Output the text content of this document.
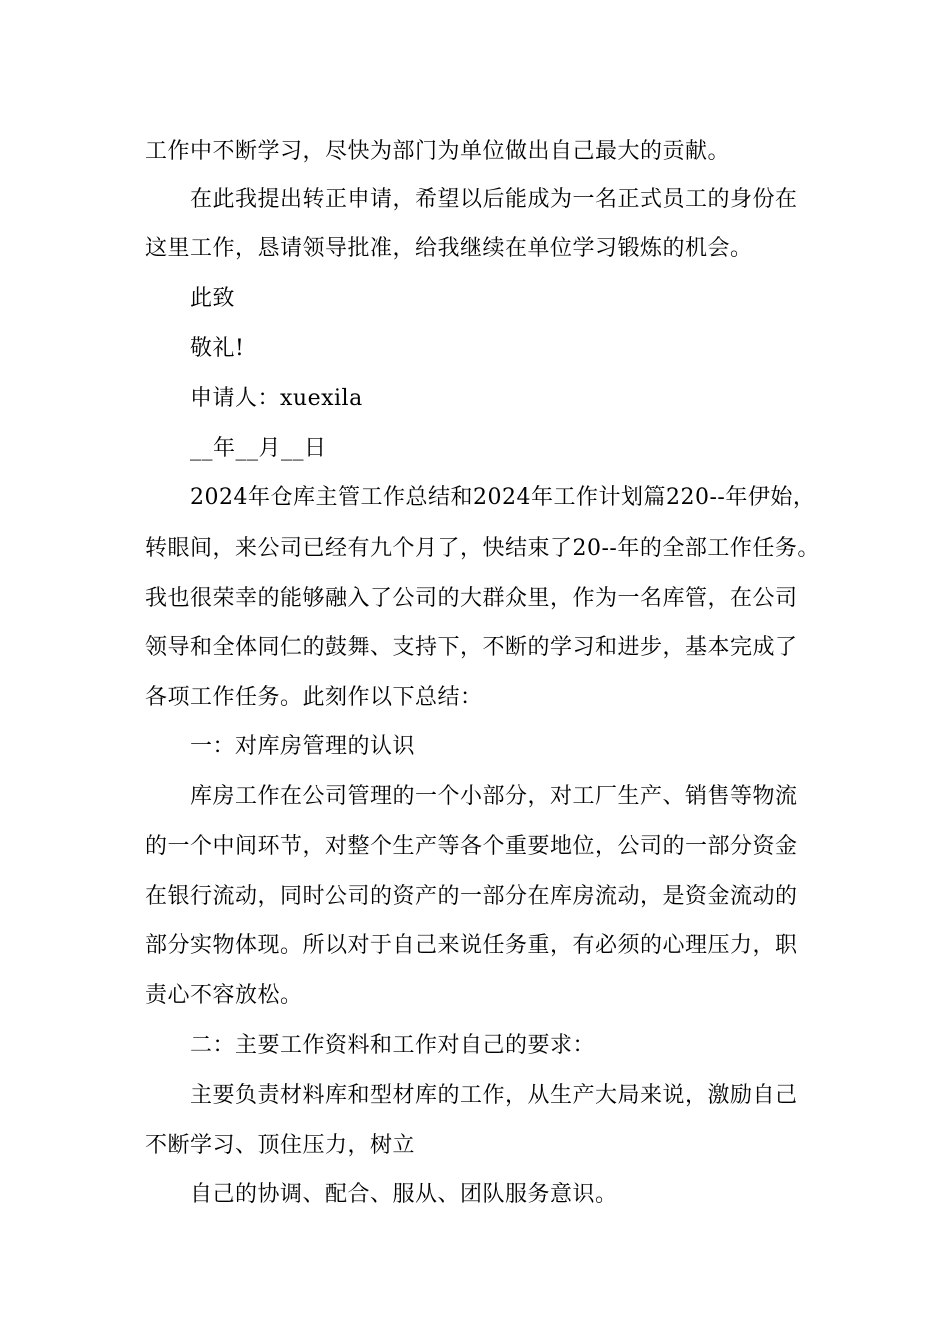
工作中不断学习，尽快为部门为单位做出自己最大的贡献。
在此我提出转正申请，希望以后能成为一名正式员工的身份在
这里工作，恳请领导批准，给我继续在单位学习锻炼的机会。
此致
敬礼!
申请人：xuexila
__年__月__日
2024年仓库主管工作总结和2024年工作计划篇220--年伊始，
转眼间，来公司已经有九个月了，快结束了20--年的全部工作任务。
我也很荣幸的能够融入了公司的大群众里，作为一名库管，在公司
领导和全体同仁的鼓舞、支持下，不断的学习和进步，基本完成了
各项工作任务。此刻作以下总结：
一：对库房管理的认识
库房工作在公司管理的一个小部分，对工厂生产、销售等物流
的一个中间环节，对整个生产等各个重要地位，公司的一部分资金
在银行流动，同时公司的资产的一部分在库房流动，是资金流动的
部分实物体现。所以对于自己来说任务重，有必须的心理压力，职
责心不容放松。
二：主要工作资料和工作对自己的要求：
主要负责材料库和型材库的工作，从生产大局来说，激励自己
不断学习、顶住压力，树立
自己的协调、配合、服从、团队服务意识。
